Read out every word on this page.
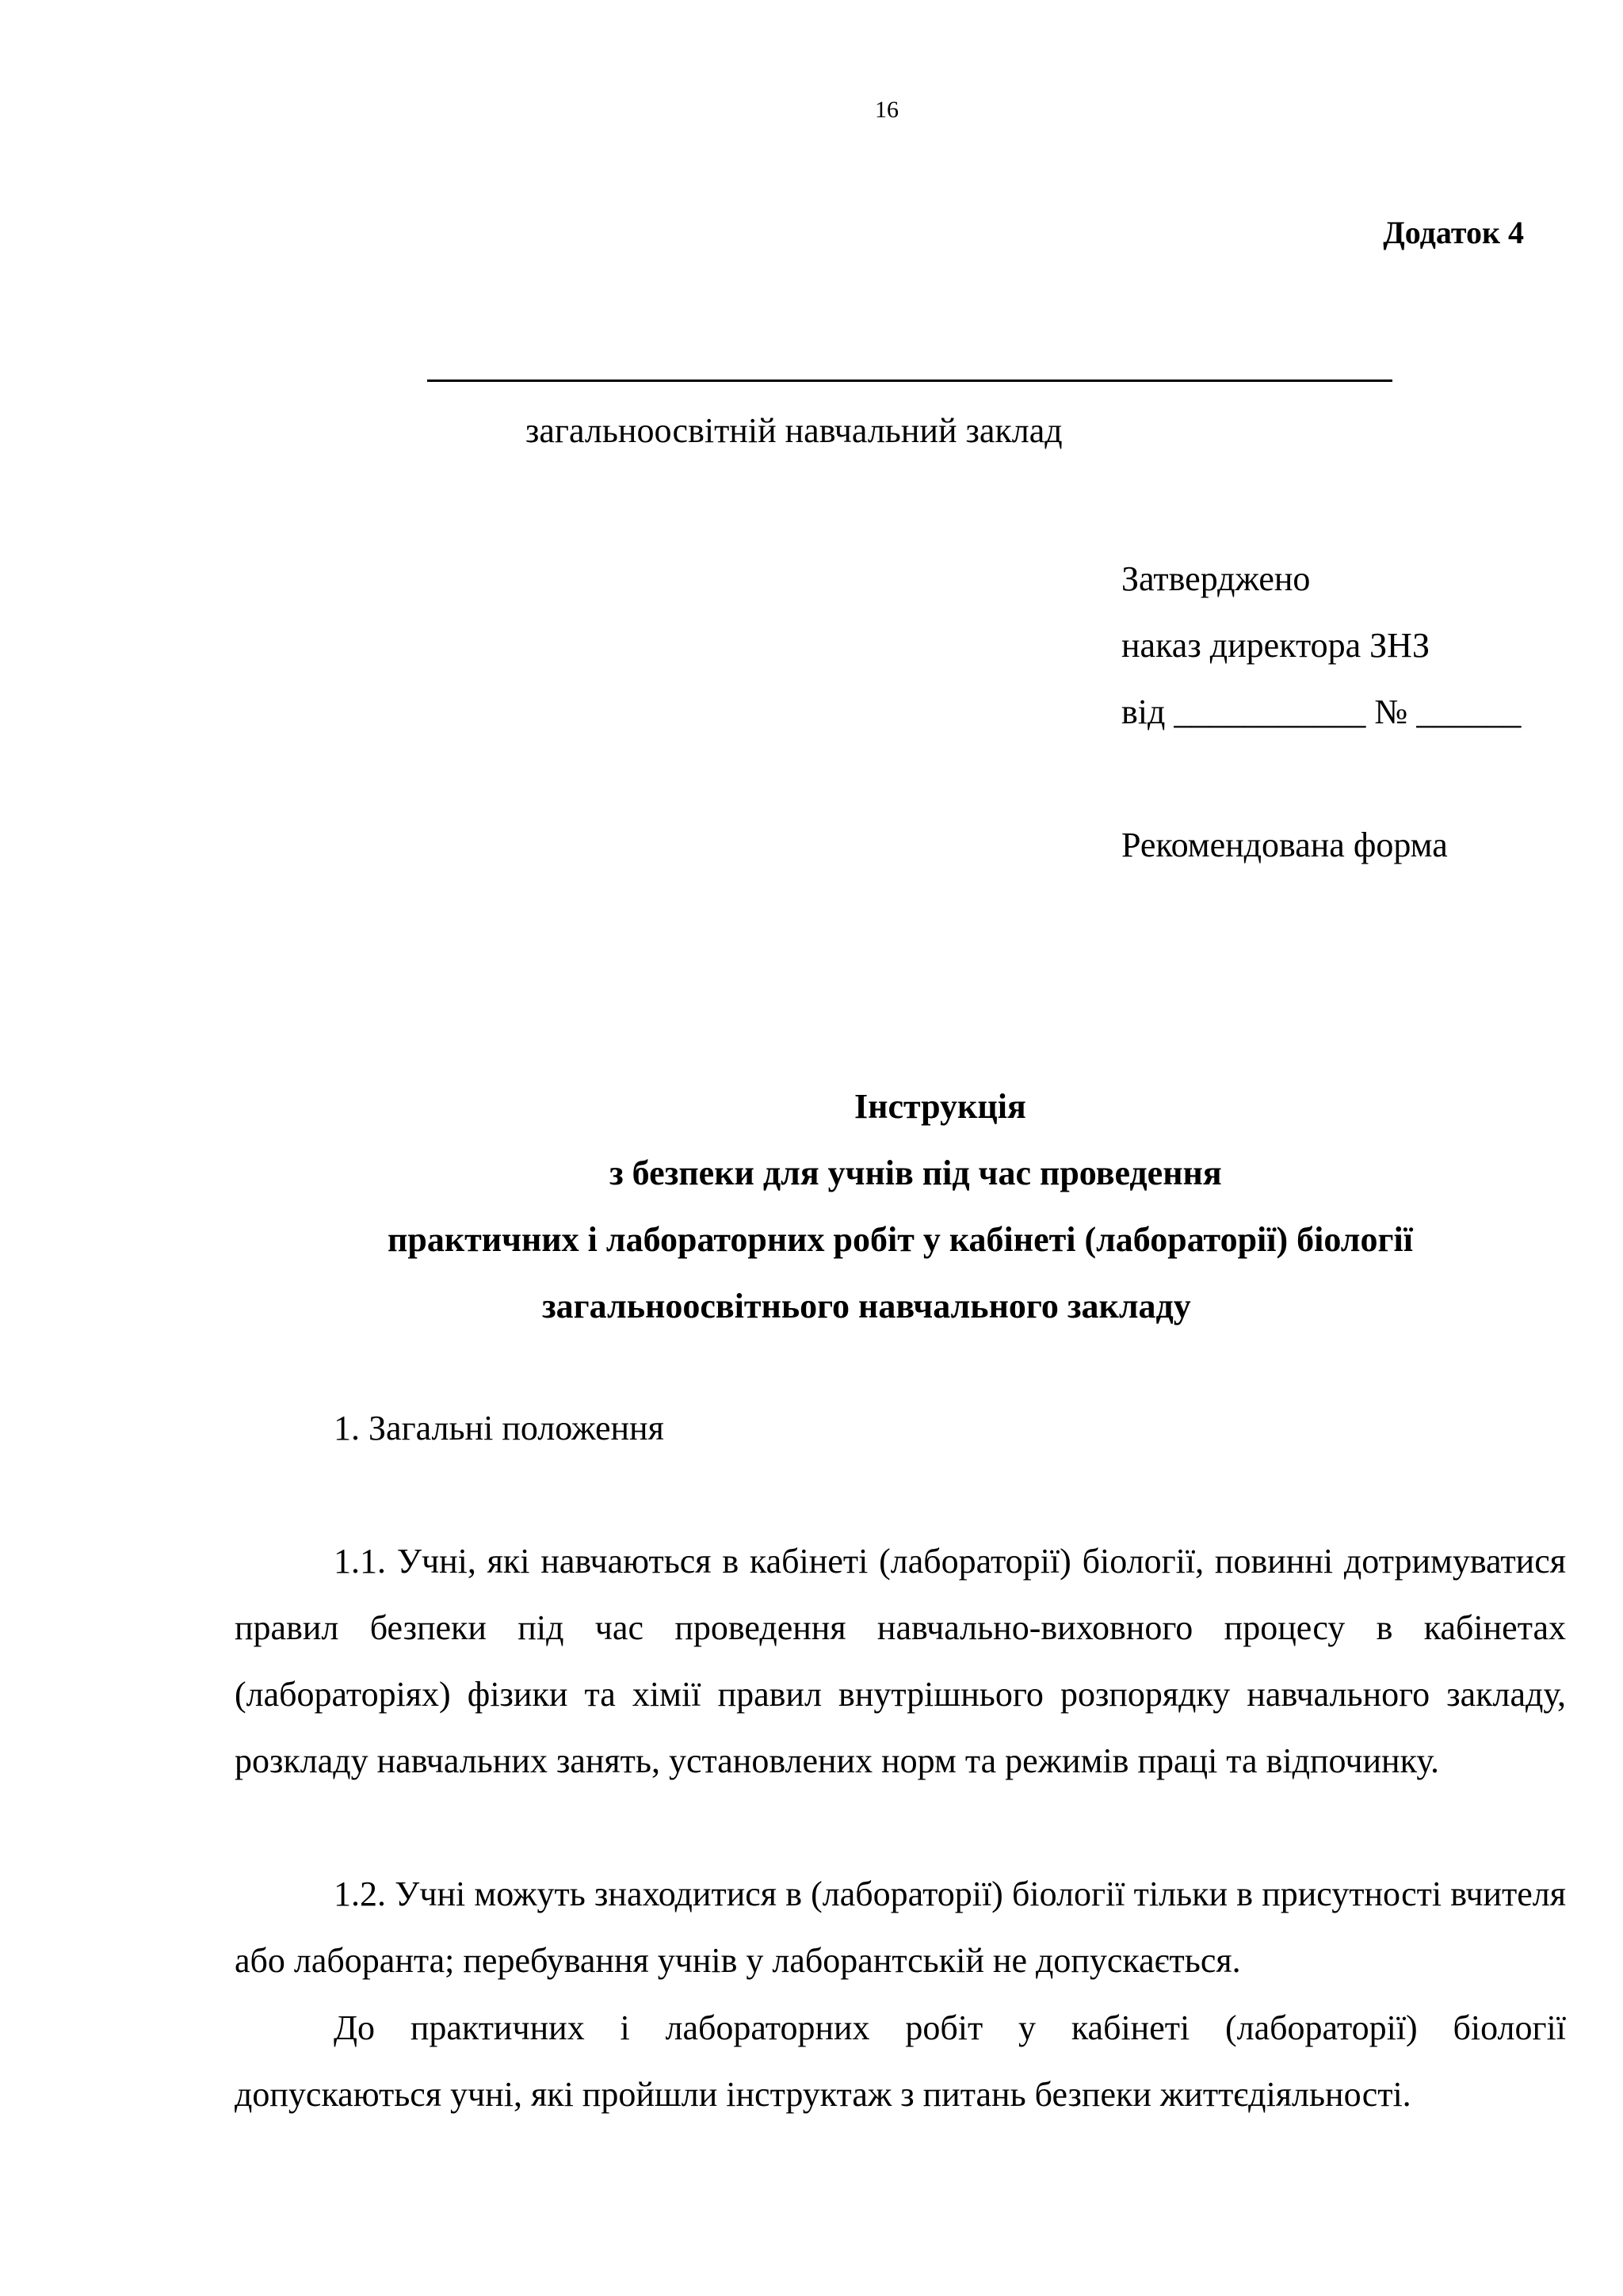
16
Додаток 4
загальноосвітній навчальний заклад
Затверджено
наказ директора ЗНЗ
від ___________ № ______
Рекомендована форма
Інструкція
з безпеки для учнів під час проведення
практичних і лабораторних робіт у кабінеті (лабораторії) біології
загальноосвітнього навчального закладу
1. Загальні положення
1.1. Учні, які навчаються в кабінеті (лабораторії) біології, повинні дотримуватися правил безпеки під час проведення навчально-виховного процесу в кабінетах (лабораторіях) фізики та хімії правил внутрішнього розпорядку навчального закладу, розкладу навчальних занять, установлених норм та режимів праці та відпочинку.
1.2. Учні можуть знаходитися в (лабораторії) біології тільки в присутності вчителя або лаборанта; перебування учнів у лаборантській не допускається.
До практичних і лабораторних робіт у кабінеті (лабораторії) біології допускаються учні, які пройшли інструктаж з питань безпеки життєдіяльності.
